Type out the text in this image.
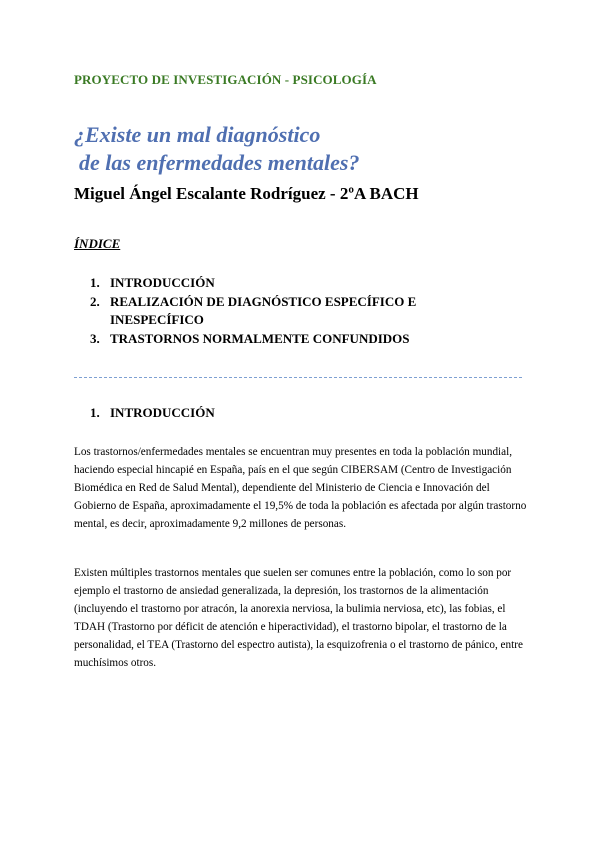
PROYECTO DE INVESTIGACIÓN - PSICOLOGÍA
¿Existe un mal diagnóstico
de las enfermedades mentales?
Miguel Ángel Escalante Rodríguez - 2ºA BACH
ÍNDICE
1. INTRODUCCIÓN
2. REALIZACIÓN DE DIAGNÓSTICO ESPECÍFICO E
INESPECÍFICO
3. TRASTORNOS NORMALMENTE CONFUNDIDOS
1. INTRODUCCIÓN

Los trastornos/enfermedades mentales se encuentran muy presentes en toda la población mundial, haciendo especial hincapié en España, país en el que según CIBERSAM (Centro de Investigación Biomédica en Red de Salud Mental), dependiente del Ministerio de Ciencia e Innovación del Gobierno de España, aproximadamente el 19,5% de toda la población es afectada por algún trastorno mental, es decir, aproximadamente 9,2 millones de personas.

Existen múltiples trastornos mentales que suelen ser comunes entre la población, como lo son por ejemplo el trastorno de ansiedad generalizada, la depresión, los trastornos de la alimentación (incluyendo el trastorno por atracón, la anorexia nerviosa, la bulimia nerviosa, etc), las fobias, el TDAH (Trastorno por déficit de atención e hiperactividad), el trastorno bipolar, el trastorno de la personalidad, el TEA (Trastorno del espectro autista), la esquizofrenia o el trastorno de pánico, entre muchísimos otros.
